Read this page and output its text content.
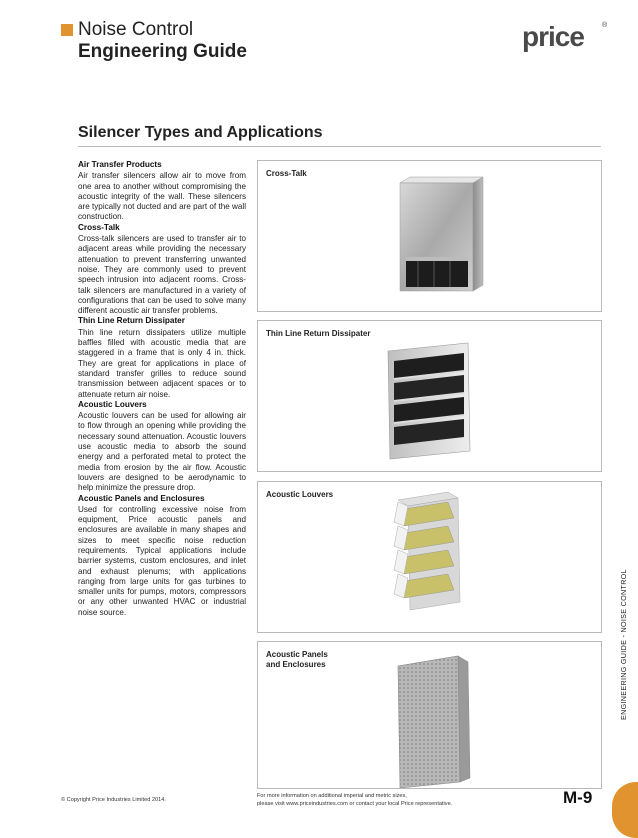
Noise Control
Engineering Guide	price	®
Silencer Types and Applications
Air Transfer Products

Air transfer silencers allow air to move from one area to another without compromising the acoustic integrity of the wall. These silencers are typically not ducted and are part of the wall construction.

Cross-Talk

Cross-talk silencers are used to transfer air to adjacent areas while providing the necessary attenuation to prevent transferring unwanted noise. They are commonly used to prevent speech intrusion into adjacent rooms. Cross-talk silencers are manufactured in a variety of configurations that can be used to solve many different acoustic air transfer problems.

Thin Line Return Dissipater

Thin line return dissipaters utilize multiple baffles filled with acoustic media that are staggered in a frame that is only 4 in. thick. They are great for applications in place of standard transfer grilles to reduce sound transmission between adjacent spaces or to attenuate return air noise.

Acoustic Louvers

Acoustic louvers can be used for allowing air to flow through an opening while providing the necessary sound attenuation. Acoustic louvers use acoustic media to absorb the sound energy and a perforated metal to protect the media from erosion by the air flow. Acoustic louvers are designed to be aerodynamic to help minimize the pressure drop.

Acoustic Panels and Enclosures

Used for controlling excessive noise from equipment, Price acoustic panels and enclosures are available in many shapes and sizes to meet specific noise reduction requirements. Typical applications include barrier systems, custom enclosures, and inlet and exhaust plenums; with applications ranging from large units for gas turbines to smaller units for pumps, motors, compressors or any other unwanted HVAC or industrial noise source.

Cross-Talk
Thin Line Return Dissipater
Acoustic Louvers
Acoustic Panels
and Enclosures	ENGINEERING GUIDE - NOISE CONTROL
© Copyright Price Industries Limited 2014.
For more information on additional imperial and metric sizes,
please visit www.priceindustries.com or contact your local Price representative.	M-9
